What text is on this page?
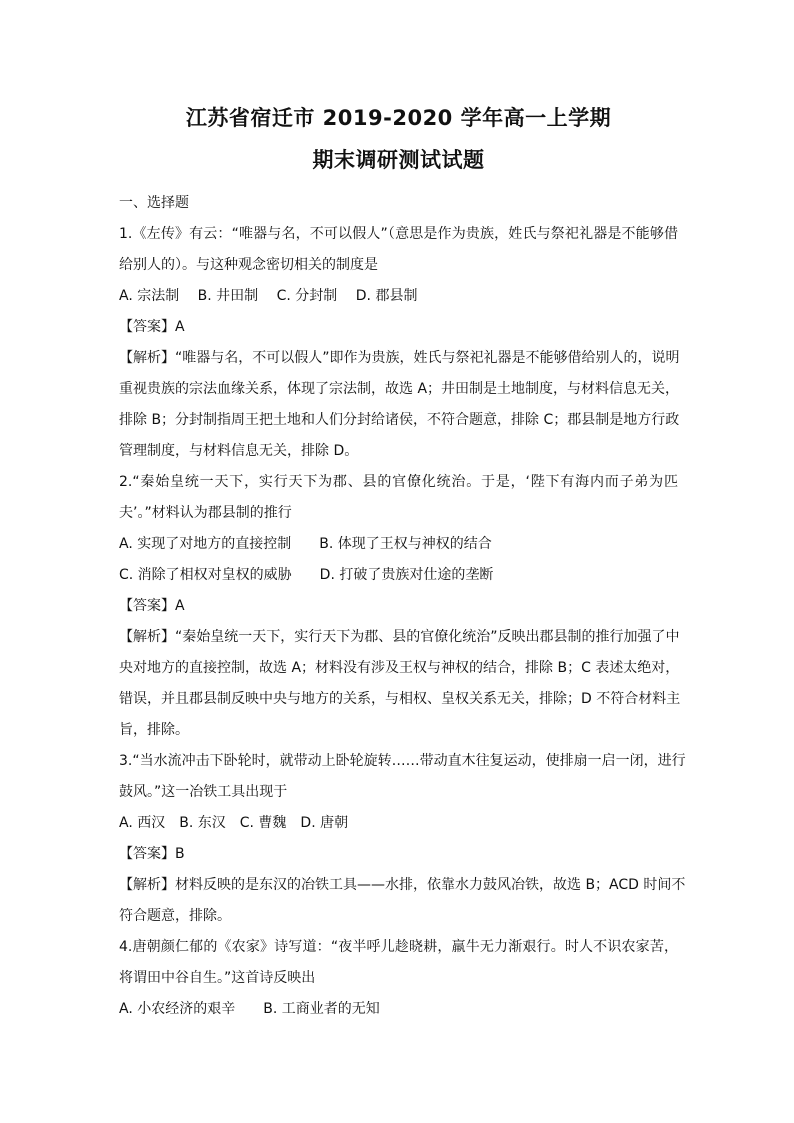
江苏省宿迁市 2019-2020 学年高一上学期
期末调研测试试题

一、选择题

1.《左传》有云：“唯器与名，不可以假人”（意思是作为贵族，姓氏与祭祀礼器是不能够借

给别人的）。与这种观念密切相关的制度是

A. 宗法制　 B. 井田制　 C. 分封制　 D. 郡县制

【答案】A

【解析】“唯器与名，不可以假人”即作为贵族，姓氏与祭祀礼器是不能够借给别人的，说明

重视贵族的宗法血缘关系，体现了宗法制，故选 A；井田制是土地制度，与材料信息无关，

排除 B；分封制指周王把土地和人们分封给诸侯，不符合题意，排除 C；郡县制是地方行政

管理制度，与材料信息无关，排除 D。

2.“秦始皇统一天下，实行天下为郡、县的官僚化统治。于是，‘陛下有海内而子弟为匹

夫’。”材料认为郡县制的推行

A. 实现了对地方的直接控制　　B. 体现了王权与神权的结合

C. 消除了相权对皇权的威胁　　D. 打破了贵族对仕途的垄断

【答案】A

【解析】“秦始皇统一天下，实行天下为郡、县的官僚化统治”反映出郡县制的推行加强了中

央对地方的直接控制，故选 A；材料没有涉及王权与神权的结合，排除 B；C 表述太绝对，

错误，并且郡县制反映中央与地方的关系，与相权、皇权关系无关，排除；D 不符合材料主

旨，排除。

3.“当水流冲击下卧轮时，就带动上卧轮旋转……带动直木往复运动，使排扇一启一闭，进行

鼓风。”这一冶铁工具出现于

A. 西汉　B. 东汉　C. 曹魏　D. 唐朝

【答案】B

【解析】材料反映的是东汉的冶铁工具——水排，依靠水力鼓风冶铁，故选 B；ACD 时间不

符合题意，排除。

4.唐朝颜仁郁的《农家》诗写道：“夜半呼儿趁晓耕，羸牛无力渐艰行。时人不识农家苦，

将谓田中谷自生。”这首诗反映出

A. 小农经济的艰辛　　B. 工商业者的无知
